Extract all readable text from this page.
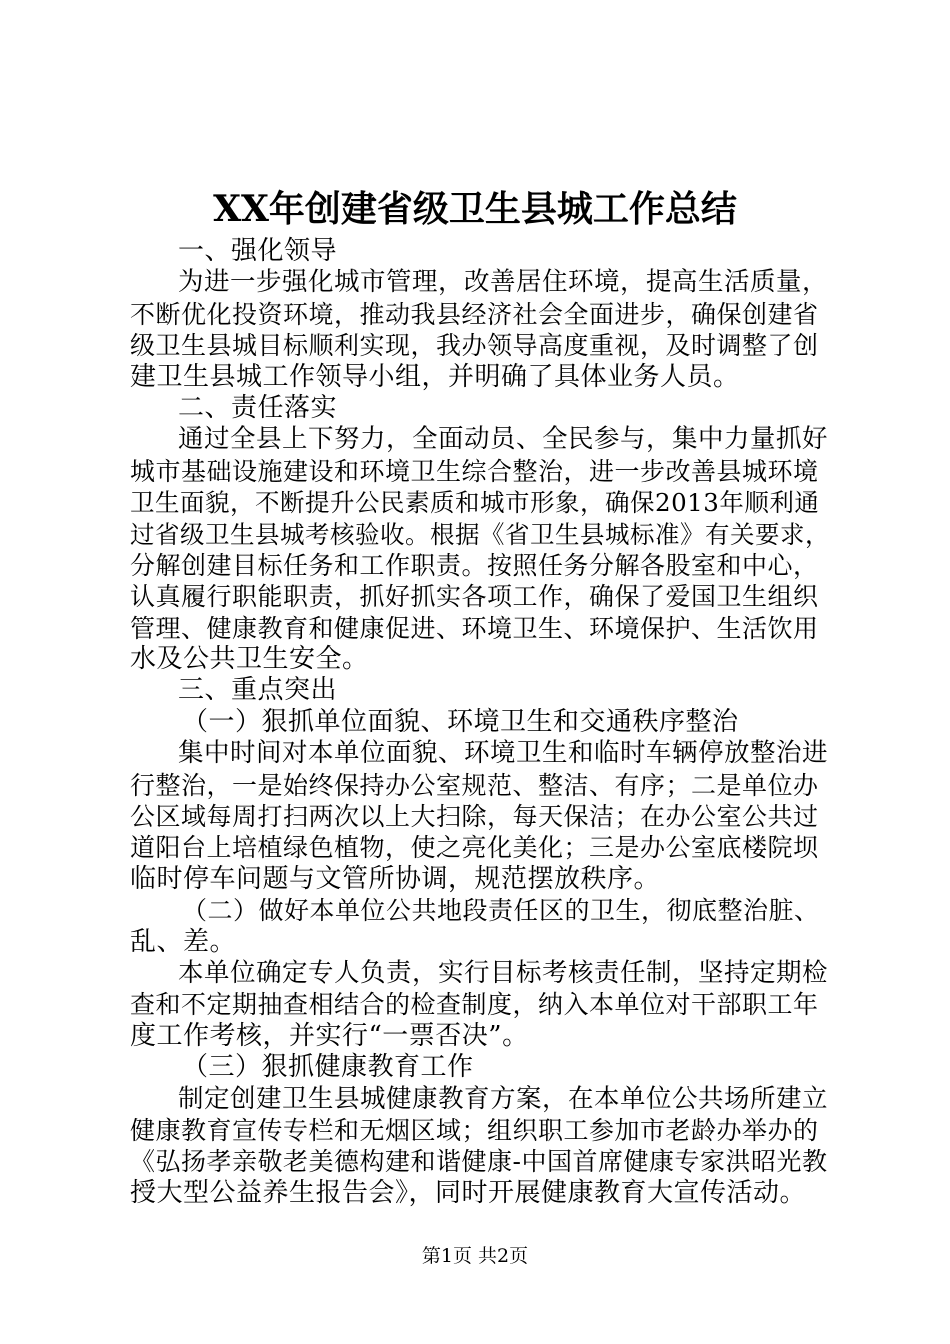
XX年创建省级卫生县城工作总结
一、强化领导
为进一步强化城市管理，改善居住环境，提高生活质量，
不断优化投资环境，推动我县经济社会全面进步，确保创建省
级卫生县城目标顺利实现，我办领导高度重视，及时调整了创
建卫生县城工作领导小组，并明确了具体业务人员。
二、责任落实
通过全县上下努力，全面动员、全民参与，集中力量抓好
城市基础设施建设和环境卫生综合整治，进一步改善县城环境
卫生面貌，不断提升公民素质和城市形象，确保2013年顺利通
过省级卫生县城考核验收。根据《省卫生县城标准》有关要求，
分解创建目标任务和工作职责。按照任务分解各股室和中心，
认真履行职能职责，抓好抓实各项工作，确保了爱国卫生组织
管理、健康教育和健康促进、环境卫生、环境保护、生活饮用
水及公共卫生安全。
三、重点突出
（一）狠抓单位面貌、环境卫生和交通秩序整治
集中时间对本单位面貌、环境卫生和临时车辆停放整治进
行整治，一是始终保持办公室规范、整洁、有序；二是单位办
公区域每周打扫两次以上大扫除，每天保洁；在办公室公共过
道阳台上培植绿色植物，使之亮化美化；三是办公室底楼院坝
临时停车问题与文管所协调，规范摆放秩序。
（二）做好本单位公共地段责任区的卫生，彻底整治脏、
乱、差。
本单位确定专人负责，实行目标考核责任制，坚持定期检
查和不定期抽查相结合的检查制度，纳入本单位对干部职工年
度工作考核，并实行“一票否决”。
（三）狠抓健康教育工作
制定创建卫生县城健康教育方案，在本单位公共场所建立
健康教育宣传专栏和无烟区域；组织职工参加市老龄办举办的
《弘扬孝亲敬老美德构建和谐健康-中国首席健康专家洪昭光教
授大型公益养生报告会》，同时开展健康教育大宣传活动。
第1页 共2页
